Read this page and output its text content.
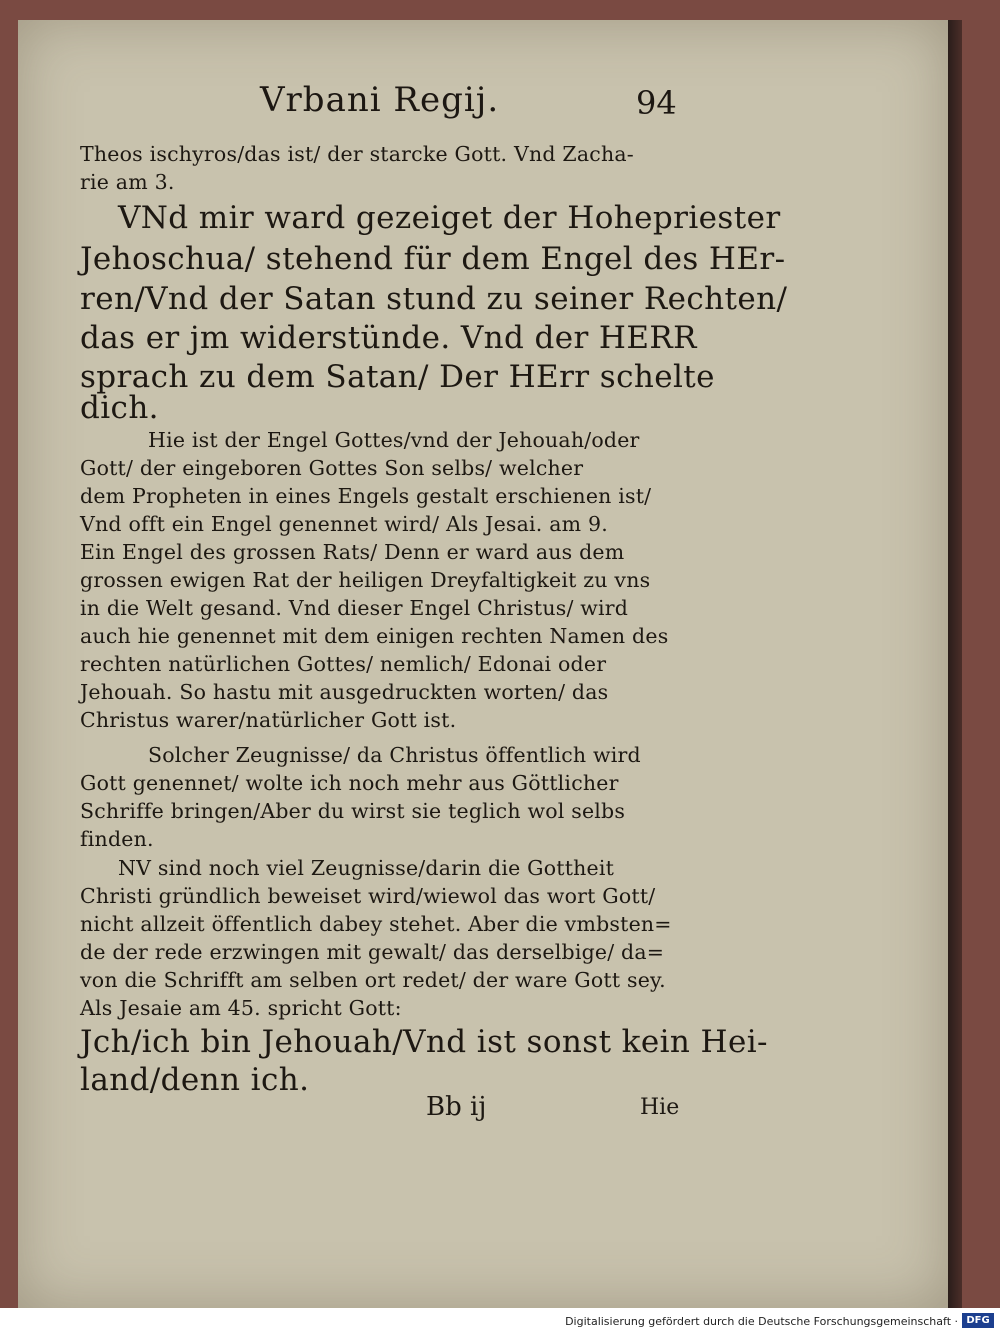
Vrbani Regij.	94
Theos ischyros/das ist/ der starcke Gott. Vnd Zacha-
rie am 3.
VNd mir ward gezeiget der Hohepriester
Jehoschua/ stehend für dem Engel des HEr-
ren/Vnd der Satan stund zu seiner Rechten/
das er jm widerstünde. Vnd der HERR
sprach zu dem Satan/ Der HErr schelte
dich.
Hie ist der Engel Gottes/vnd der Jehouah/oder
Gott/ der eingeboren Gottes Son selbs/ welcher
dem Propheten in eines Engels gestalt erschienen ist/
Vnd offt ein Engel genennet wird/ Als Jesai. am 9.
Ein Engel des grossen Rats/ Denn er ward aus dem
grossen ewigen Rat der heiligen Dreyfaltigkeit zu vns
in die Welt gesand. Vnd dieser Engel Christus/ wird
auch hie genennet mit dem einigen rechten Namen des
rechten natürlichen Gottes/ nemlich/ Edonai oder
Jehouah. So hastu mit ausgedruckten worten/ das
Christus warer/natürlicher Gott ist.
Solcher Zeugnisse/ da Christus öffentlich wird
Gott genennet/ wolte ich noch mehr aus Göttlicher
Schriffe bringen/Aber du wirst sie teglich wol selbs
finden.
NV sind noch viel Zeugnisse/darin die Gottheit
Christi gründlich beweiset wird/wiewol das wort Gott/
nicht allzeit öffentlich dabey stehet. Aber die vmbsten=
de der rede erzwingen mit gewalt/ das derselbige/ da=
von die Schrifft am selben ort redet/ der ware Gott sey.
Als Jesaie am 45. spricht Gott:
Jch/ich bin Jehouah/Vnd ist sonst kein Hei-
land/denn ich.
Bb ij	Hie
Digitalisierung gefördert durch die Deutsche Forschungsgemeinschaft · DFG
